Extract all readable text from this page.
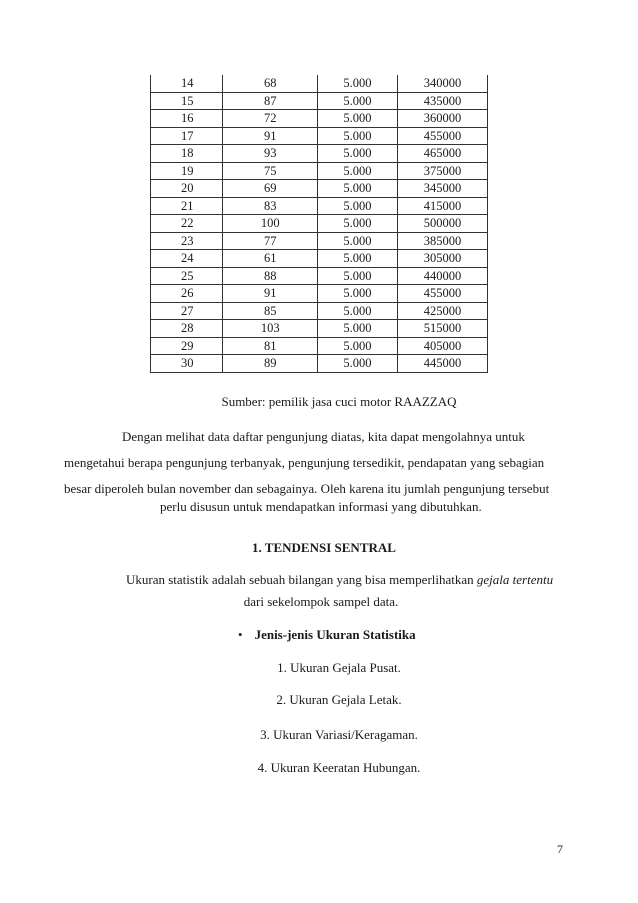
14	68	5.000	340000
15	87	5.000	435000
16	72	5.000	360000
17	91	5.000	455000
18	93	5.000	465000
19	75	5.000	375000
20	69	5.000	345000
21	83	5.000	415000
22	100	5.000	500000
23	77	5.000	385000
24	61	5.000	305000
25	88	5.000	440000
26	91	5.000	455000
27	85	5.000	425000
28	103	5.000	515000
29	81	5.000	405000
30	89	5.000	445000
Sumber: pemilik jasa cuci motor RAAZZAQ
Dengan melihat data daftar pengunjung diatas, kita dapat mengolahnya untuk
mengetahui berapa pengunjung terbanyak, pengunjung tersedikit, pendapatan yang sebagian
besar diperoleh bulan november dan sebagainya. Oleh karena itu jumlah pengunjung tersebut
perlu disusun untuk mendapatkan informasi yang dibutuhkan.
1. TENDENSI SENTRAL
Ukuran statistik adalah sebuah bilangan yang bisa memperlihatkan gejala tertentu
dari sekelompok sampel data.
• Jenis-jenis Ukuran Statistika
1. Ukuran Gejala Pusat.
2. Ukuran Gejala Letak.
3. Ukuran Variasi/Keragaman.
4. Ukuran Keeratan Hubungan.
7
